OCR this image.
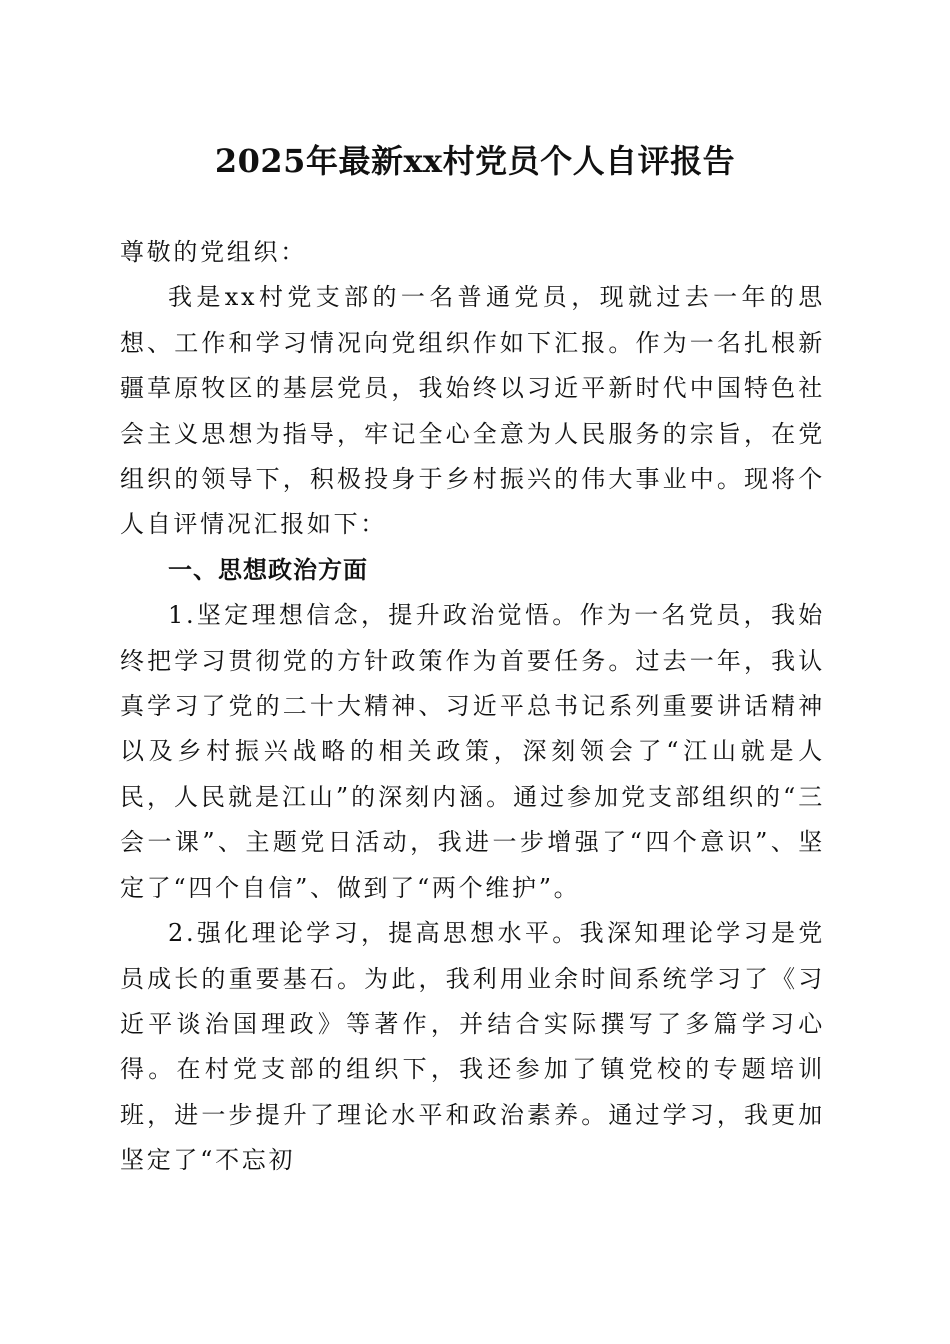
2025年最新xx村党员个人自评报告

尊敬的党组织：

我是xx村党支部的一名普通党员，现就过去一年的思想、工作和学习情况向党组织作如下汇报。作为一名扎根新疆草原牧区的基层党员，我始终以习近平新时代中国特色社会主义思想为指导，牢记全心全意为人民服务的宗旨，在党组织的领导下，积极投身于乡村振兴的伟大事业中。现将个人自评情况汇报如下：

一、思想政治方面

1.坚定理想信念，提升政治觉悟。作为一名党员，我始终把学习贯彻党的方针政策作为首要任务。过去一年，我认真学习了党的二十大精神、习近平总书记系列重要讲话精神以及乡村振兴战略的相关政策，深刻领会了“江山就是人民，人民就是江山”的深刻内涵。通过参加党支部组织的“三会一课”、主题党日活动，我进一步增强了“四个意识”、坚定了“四个自信”、做到了“两个维护”。

2.强化理论学习，提高思想水平。我深知理论学习是党员成长的重要基石。为此，我利用业余时间系统学习了《习近平谈治国理政》等著作，并结合实际撰写了多篇学习心得。在村党支部的组织下，我还参加了镇党校的专题培训班，进一步提升了理论水平和政治素养。通过学习，我更加坚定了“不忘初
